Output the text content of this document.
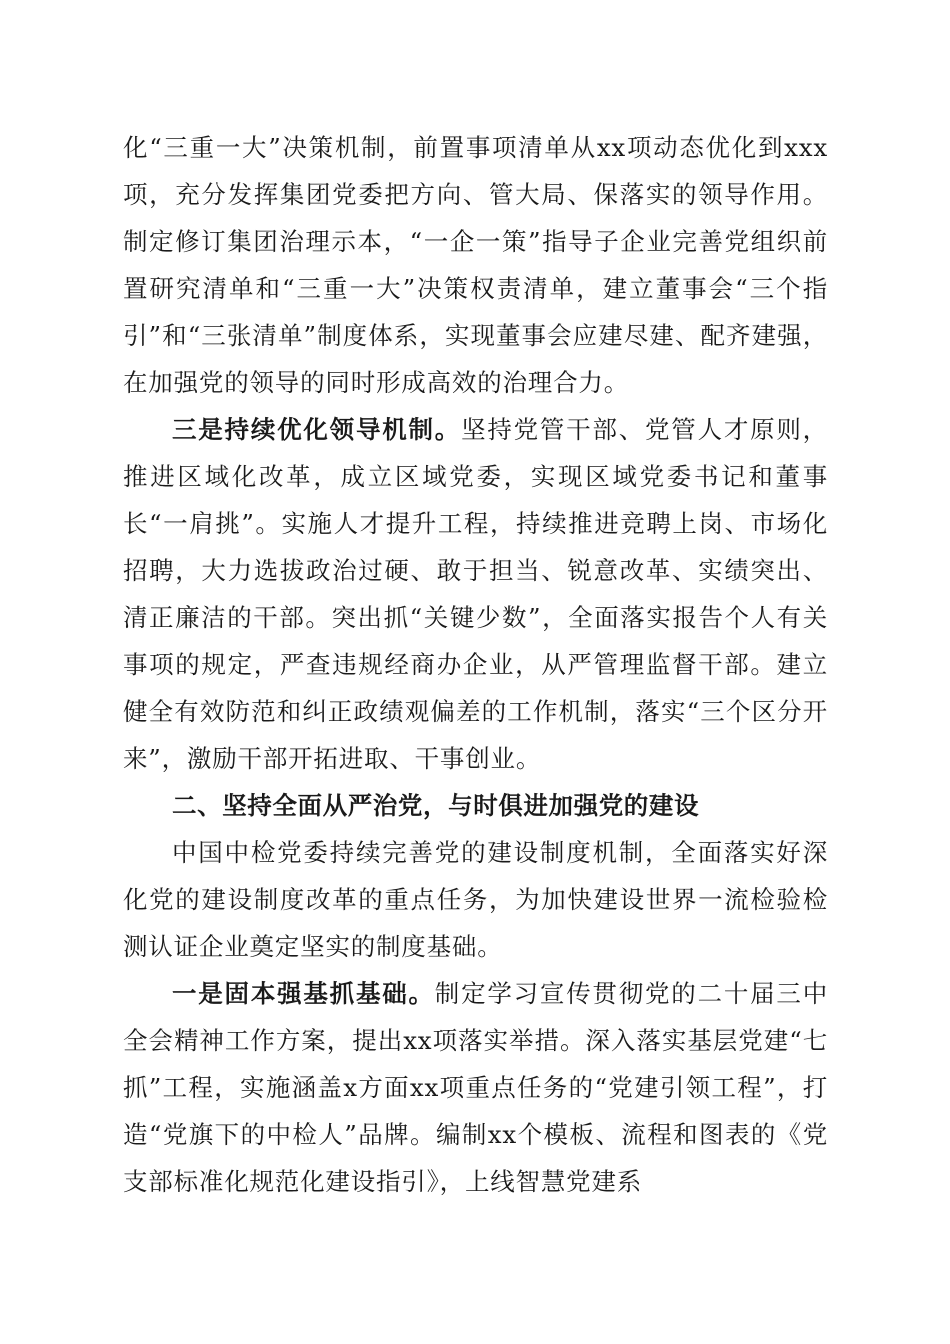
化“三重一大”决策机制，前置事项清单从xx项动态优化到xxx项，充分发挥集团党委把方向、管大局、保落实的领导作用。制定修订集团治理示本，“一企一策”指导子企业完善党组织前置研究清单和“三重一大”决策权责清单，建立董事会“三个指引”和“三张清单”制度体系，实现董事会应建尽建、配齐建强，在加强党的领导的同时形成高效的治理合力。

三是持续优化领导机制。坚持党管干部、党管人才原则，推进区域化改革，成立区域党委，实现区域党委书记和董事长“一肩挑”。实施人才提升工程，持续推进竞聘上岗、市场化招聘，大力选拔政治过硬、敢于担当、锐意改革、实绩突出、清正廉洁的干部。突出抓“关键少数”，全面落实报告个人有关事项的规定，严查违规经商办企业，从严管理监督干部。建立健全有效防范和纠正政绩观偏差的工作机制，落实“三个区分开来”，激励干部开拓进取、干事创业。

二、坚持全面从严治党，与时俱进加强党的建设

中国中检党委持续完善党的建设制度机制，全面落实好深化党的建设制度改革的重点任务，为加快建设世界一流检验检测认证企业奠定坚实的制度基础。

一是固本强基抓基础。制定学习宣传贯彻党的二十届三中全会精神工作方案，提出xx项落实举措。深入落实基层党建“七抓”工程，实施涵盖x方面xx项重点任务的“党建引领工程”，打造“党旗下的中检人”品牌。编制xx个模板、流程和图表的《党支部标准化规范化建设指引》，上线智慧党建系
